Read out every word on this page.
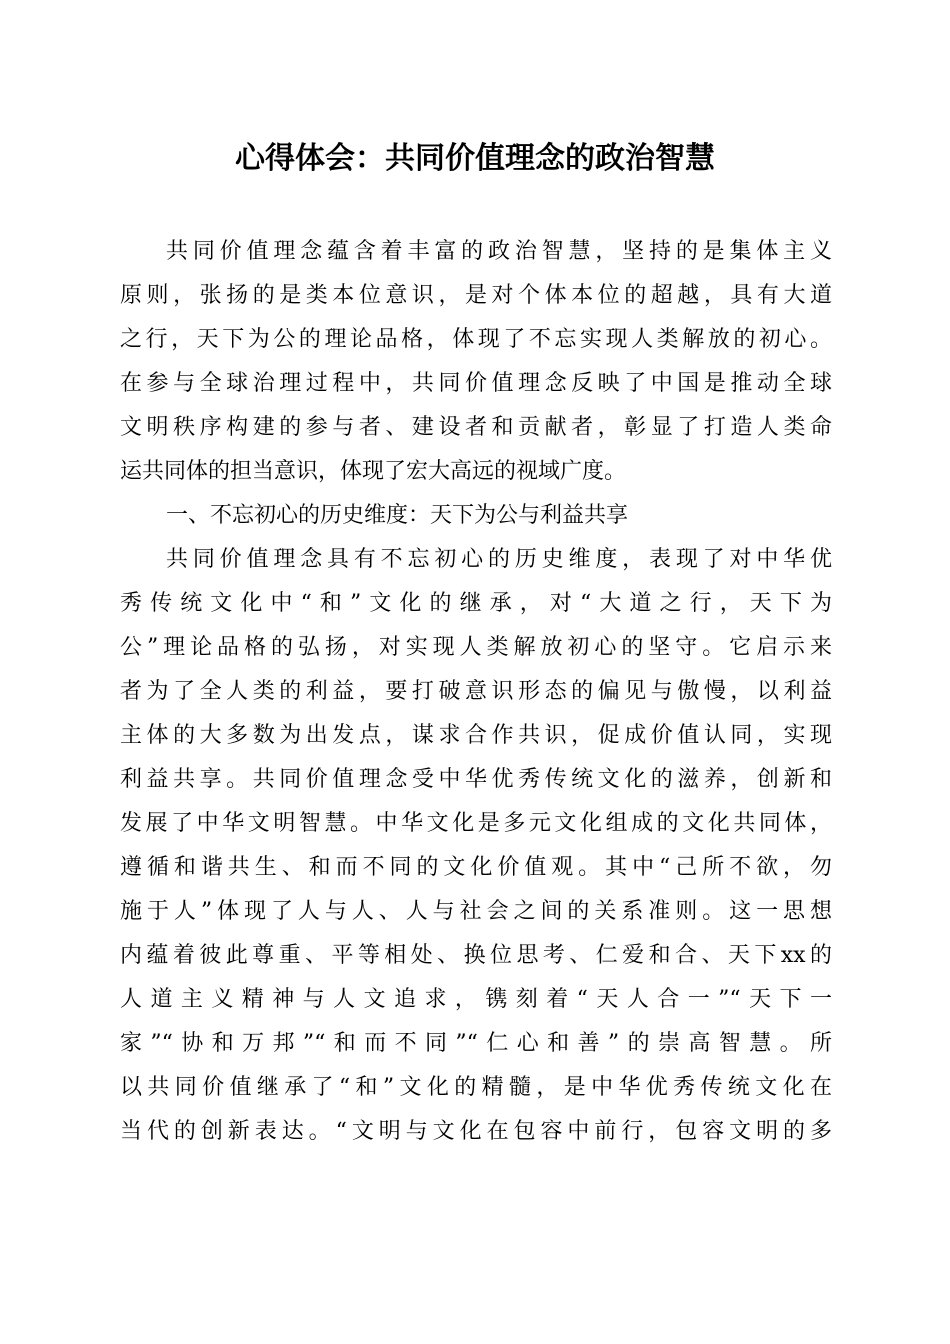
心得体会：共同价值理念的政治智慧
共同价值理念蕴含着丰富的政治智慧，坚持的是集体主义
原则，张扬的是类本位意识，是对个体本位的超越，具有大道
之行，天下为公的理论品格，体现了不忘实现人类解放的初心。
在参与全球治理过程中，共同价值理念反映了中国是推动全球
文明秩序构建的参与者、建设者和贡献者，彰显了打造人类命
运共同体的担当意识，体现了宏大高远的视域广度。
一、不忘初心的历史维度：天下为公与利益共享
共同价值理念具有不忘初心的历史维度，表现了对中华优
秀传统文化中“和”文化的继承，对“大道之行，天下为
公”理论品格的弘扬，对实现人类解放初心的坚守。它启示来
者为了全人类的利益，要打破意识形态的偏见与傲慢，以利益
主体的大多数为出发点，谋求合作共识，促成价值认同，实现
利益共享。共同价值理念受中华优秀传统文化的滋养，创新和
发展了中华文明智慧。中华文化是多元文化组成的文化共同体，
遵循和谐共生、和而不同的文化价值观。其中“己所不欲，勿
施于人”体现了人与人、人与社会之间的关系准则。这一思想
内蕴着彼此尊重、平等相处、换位思考、仁爱和合、天下xx的
人道主义精神与人文追求，镌刻着“天人合一”“天下一
家”“协和万邦”“和而不同”“仁心和善”的崇高智慧。所
以共同价值继承了“和”文化的精髓，是中华优秀传统文化在
当代的创新表达。“文明与文化在包容中前行，包容文明的多
